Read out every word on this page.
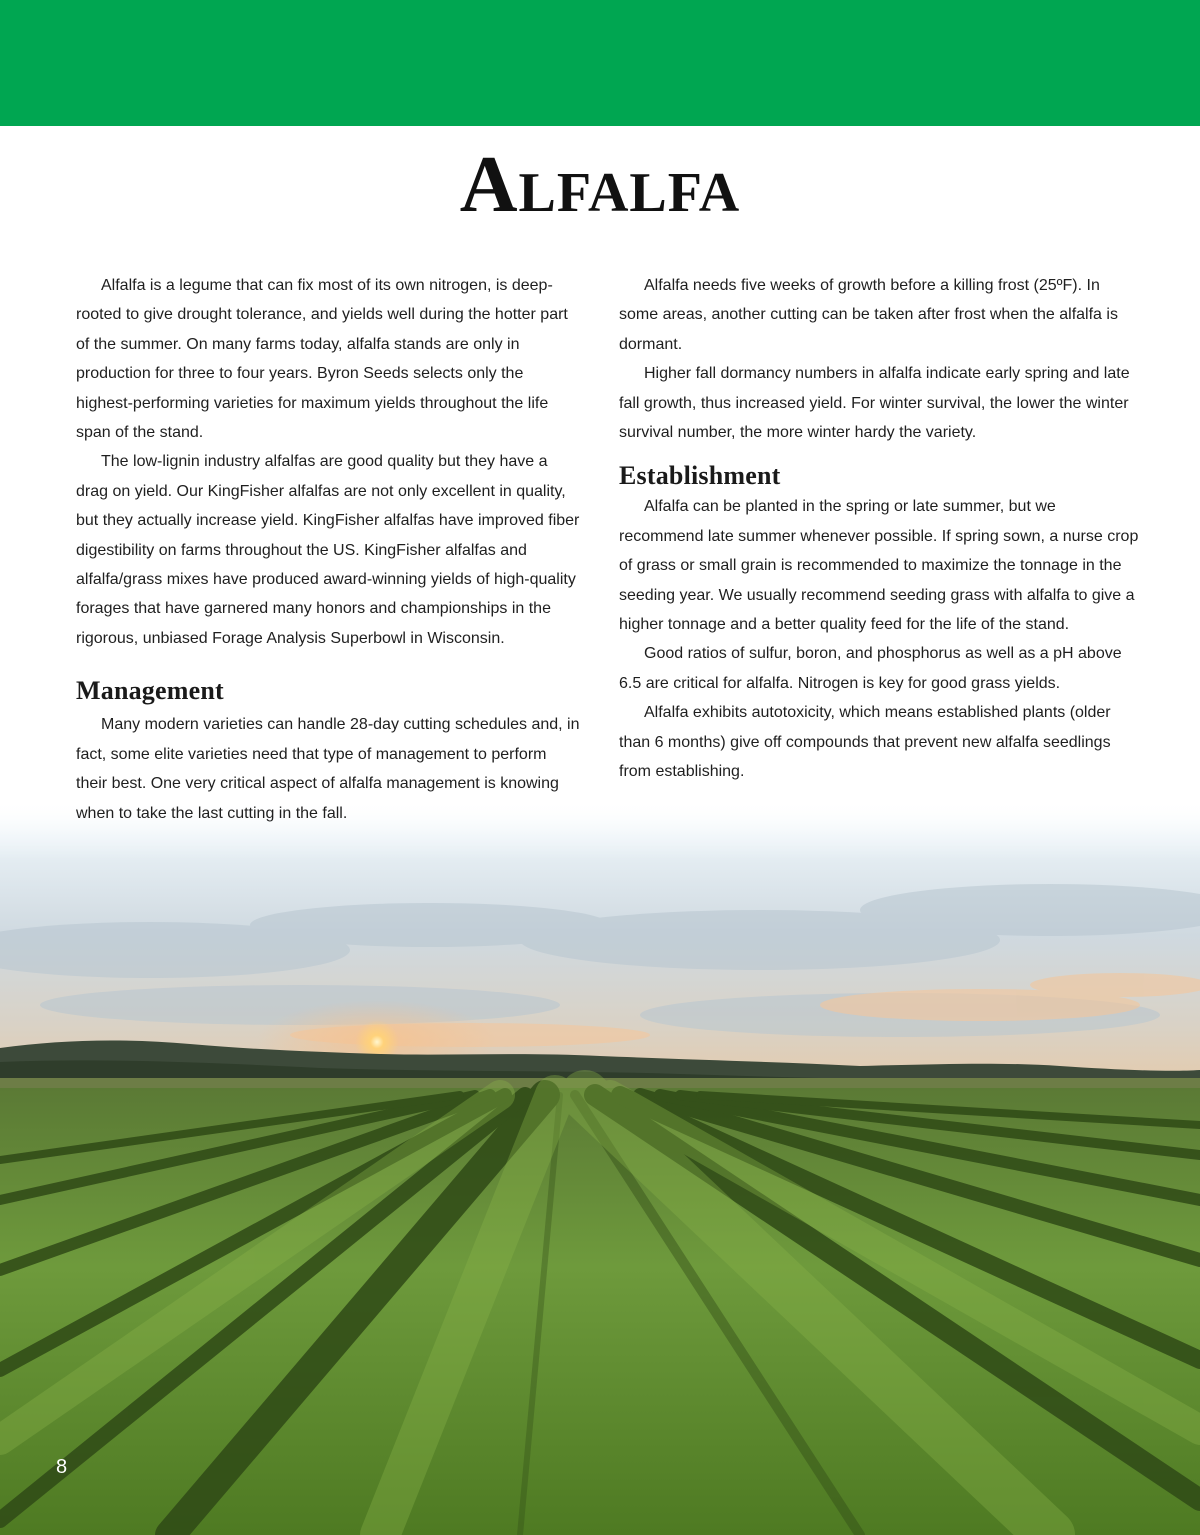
Alfalfa

Alfalfa is a legume that can fix most of its own nitrogen, is deep-rooted to give drought tolerance, and yields well during the hotter part of the summer. On many farms today, alfalfa stands are only in production for three to four years. Byron Seeds selects only the highest-performing varieties for maximum yields throughout the life span of the stand.

The low-lignin industry alfalfas are good quality but they have a drag on yield. Our KingFisher alfalfas are not only excellent in quality, but they actually increase yield. KingFisher alfalfas have improved fiber digestibility on farms throughout the US. KingFisher alfalfas and alfalfa/grass mixes have produced award-winning yields of high-quality forages that have garnered many honors and championships in the rigorous, unbiased Forage Analysis Superbowl in Wisconsin.

Management

Many modern varieties can handle 28-day cutting schedules and, in fact, some elite varieties need that type of management to perform their best. One very critical aspect of alfalfa management is knowing when to take the last cutting in the fall.

Alfalfa needs five weeks of growth before a killing frost (25ºF). In some areas, another cutting can be taken after frost when the alfalfa is dormant.

Higher fall dormancy numbers in alfalfa indicate early spring and late fall growth, thus increased yield. For winter survival, the lower the winter survival number, the more winter hardy the variety.

Establishment

Alfalfa can be planted in the spring or late summer, but we recommend late summer whenever possible. If spring sown, a nurse crop of grass or small grain is recommended to maximize the tonnage in the seeding year. We usually recommend seeding grass with alfalfa to give a higher tonnage and a better quality feed for the life of the stand.

Good ratios of sulfur, boron, and phosphorus as well as a pH above 6.5 are critical for alfalfa. Nitrogen is key for good grass yields.

Alfalfa exhibits autotoxicity, which means established plants (older than 6 months) give off compounds that prevent new alfalfa seedlings from establishing.

8
